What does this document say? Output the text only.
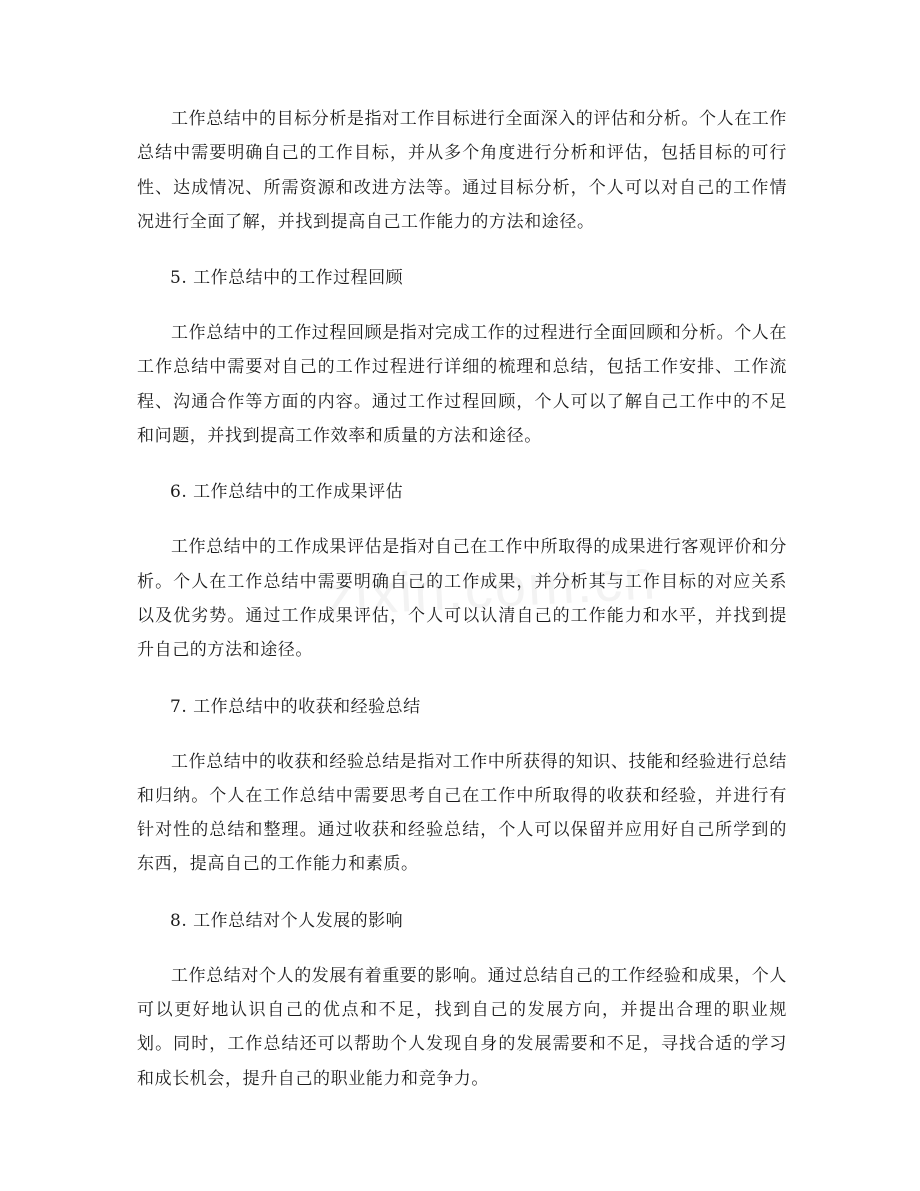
工作总结中的目标分析是指对工作目标进行全面深入的评估和分析。个人在工作总结中需要明确自己的工作目标，并从多个角度进行分析和评估，包括目标的可行性、达成情况、所需资源和改进方法等。通过目标分析，个人可以对自己的工作情况进行全面了解，并找到提高自己工作能力的方法和途径。

5. 工作总结中的工作过程回顾

工作总结中的工作过程回顾是指对完成工作的过程进行全面回顾和分析。个人在工作总结中需要对自己的工作过程进行详细的梳理和总结，包括工作安排、工作流程、沟通合作等方面的内容。通过工作过程回顾，个人可以了解自己工作中的不足和问题，并找到提高工作效率和质量的方法和途径。

6. 工作总结中的工作成果评估

工作总结中的工作成果评估是指对自己在工作中所取得的成果进行客观评价和分析。个人在工作总结中需要明确自己的工作成果，并分析其与工作目标的对应关系以及优劣势。通过工作成果评估，个人可以认清自己的工作能力和水平，并找到提升自己的方法和途径。

7. 工作总结中的收获和经验总结

工作总结中的收获和经验总结是指对工作中所获得的知识、技能和经验进行总结和归纳。个人在工作总结中需要思考自己在工作中所取得的收获和经验，并进行有针对性的总结和整理。通过收获和经验总结，个人可以保留并应用好自己所学到的东西，提高自己的工作能力和素质。

8. 工作总结对个人发展的影响

工作总结对个人的发展有着重要的影响。通过总结自己的工作经验和成果，个人可以更好地认识自己的优点和不足，找到自己的发展方向，并提出合理的职业规划。同时，工作总结还可以帮助个人发现自身的发展需要和不足，寻找合适的学习和成长机会，提升自己的职业能力和竞争力。
